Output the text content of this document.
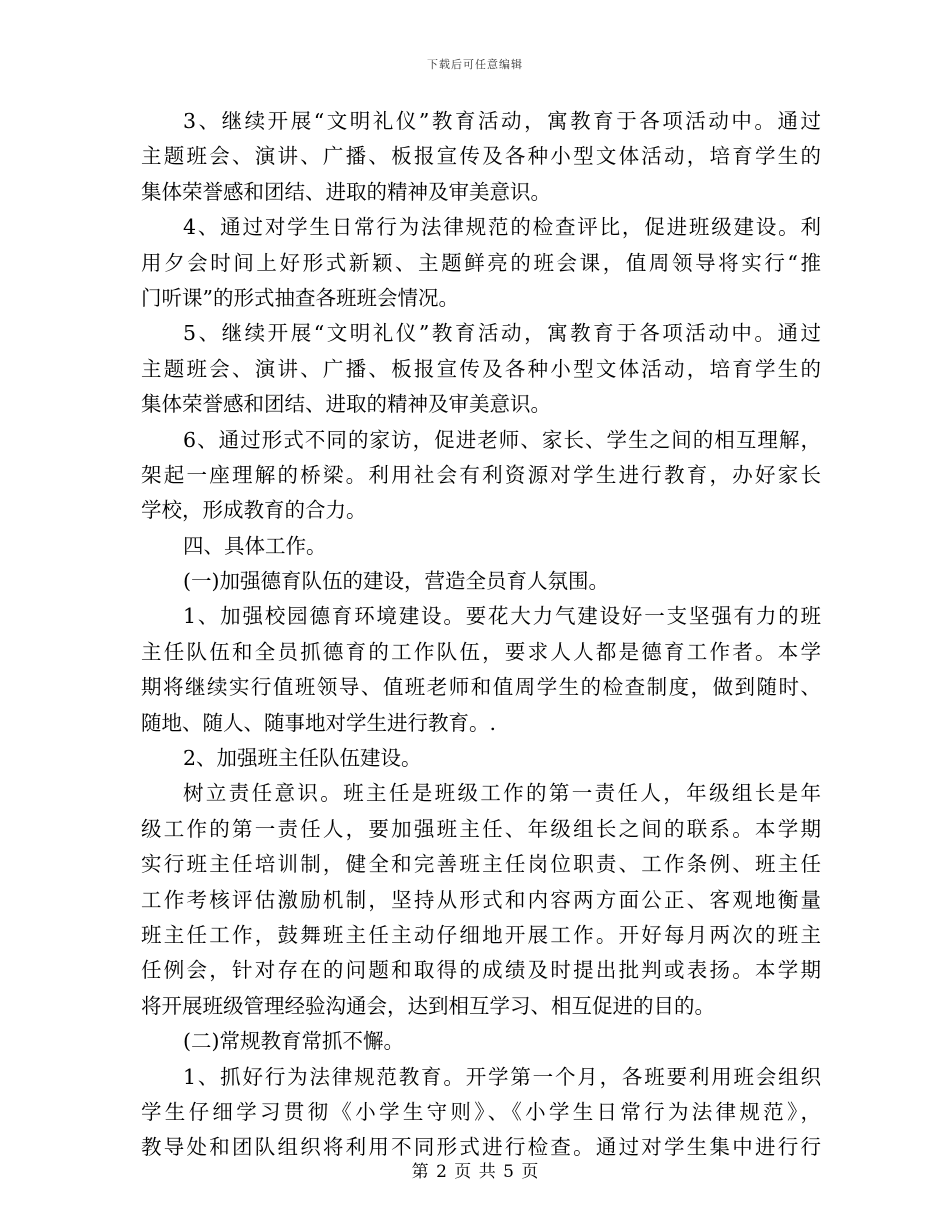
下载后可任意编辑
3、继续开展“文明礼仪”教育活动，寓教育于各项活动中。通过
主题班会、演讲、广播、板报宣传及各种小型文体活动，培育学生的
集体荣誉感和团结、进取的精神及审美意识。
4、通过对学生日常行为法律规范的检查评比，促进班级建设。利
用夕会时间上好形式新颖、主题鲜亮的班会课，值周领导将实行“推
门听课”的形式抽查各班班会情况。
5、继续开展“文明礼仪”教育活动，寓教育于各项活动中。通过
主题班会、演讲、广播、板报宣传及各种小型文体活动，培育学生的
集体荣誉感和团结、进取的精神及审美意识。
6、通过形式不同的家访，促进老师、家长、学生之间的相互理解，
架起一座理解的桥梁。利用社会有利资源对学生进行教育，办好家长
学校，形成教育的合力。
四、具体工作。
(一)加强德育队伍的建设，营造全员育人氛围。
1、加强校园德育环境建设。要花大力气建设好一支坚强有力的班
主任队伍和全员抓德育的工作队伍，要求人人都是德育工作者。本学
期将继续实行值班领导、值班老师和值周学生的检查制度，做到随时、
随地、随人、随事地对学生进行教育。.
2、加强班主任队伍建设。
树立责任意识。班主任是班级工作的第一责任人，年级组长是年
级工作的第一责任人，要加强班主任、年级组长之间的联系。本学期
实行班主任培训制，健全和完善班主任岗位职责、工作条例、班主任
工作考核评估激励机制，坚持从形式和内容两方面公正、客观地衡量
班主任工作，鼓舞班主任主动仔细地开展工作。开好每月两次的班主
任例会，针对存在的问题和取得的成绩及时提出批判或表扬。本学期
将开展班级管理经验沟通会，达到相互学习、相互促进的目的。
(二)常规教育常抓不懈。
1、抓好行为法律规范教育。开学第一个月，各班要利用班会组织
学生仔细学习贯彻《小学生守则》、《小学生日常行为法律规范》，
教导处和团队组织将利用不同形式进行检查。通过对学生集中进行行
第 2 页 共 5 页
